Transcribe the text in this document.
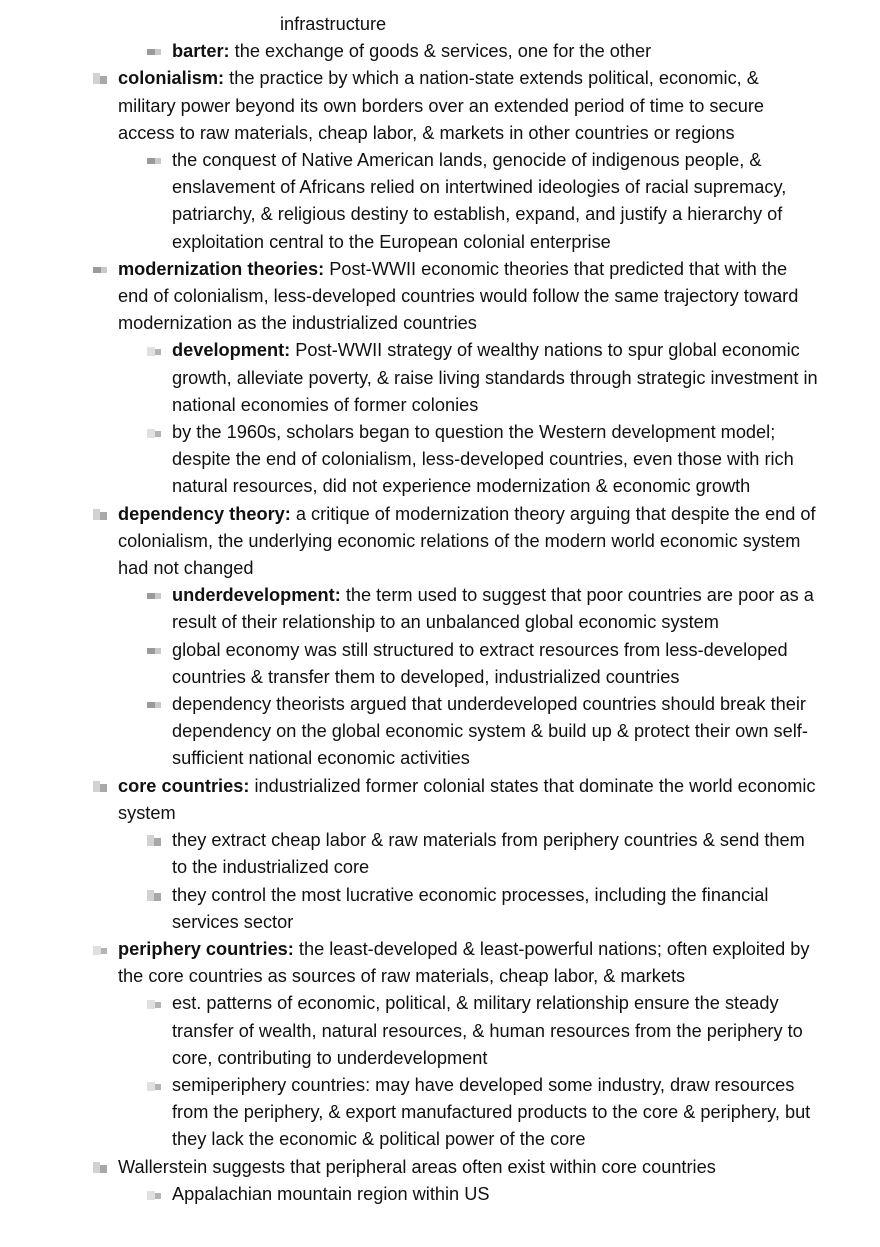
infrastructure
barter: the exchange of goods & services, one for the other
colonialism: the practice by which a nation-state extends political, economic, & military power beyond its own borders over an extended period of time to secure access to raw materials, cheap labor, & markets in other countries or regions
the conquest of Native American lands, genocide of indigenous people, & enslavement of Africans relied on intertwined ideologies of racial supremacy, patriarchy, & religious destiny to establish, expand, and justify a hierarchy of exploitation central to the European colonial enterprise
modernization theories: Post-WWII economic theories that predicted that with the end of colonialism, less-developed countries would follow the same trajectory toward modernization as the industrialized countries
development: Post-WWII strategy of wealthy nations to spur global economic growth, alleviate poverty, & raise living standards through strategic investment in national economies of former colonies
by the 1960s, scholars began to question the Western development model; despite the end of colonialism, less-developed countries, even those with rich natural resources, did not experience modernization & economic growth
dependency theory: a critique of modernization theory arguing that despite the end of colonialism, the underlying economic relations of the modern world economic system had not changed
underdevelopment: the term used to suggest that poor countries are poor as a result of their relationship to an unbalanced global economic system
global economy was still structured to extract resources from less-developed countries & transfer them to developed, industrialized countries
dependency theorists argued that underdeveloped countries should break their dependency on the global economic system & build up & protect their own self-sufficient national economic activities
core countries: industrialized former colonial states that dominate the world economic system
they extract cheap labor & raw materials from periphery countries & send them to the industrialized core
they control the most lucrative economic processes, including the financial services sector
periphery countries: the least-developed & least-powerful nations; often exploited by the core countries as sources of raw materials, cheap labor, & markets
est. patterns of economic, political, & military relationship ensure the steady transfer of wealth, natural resources, & human resources from the periphery to core, contributing to underdevelopment
semiperiphery countries: may have developed some industry, draw resources from the periphery, & export manufactured products to the core & periphery, but they lack the economic & political power of the core
Wallerstein suggests that peripheral areas often exist within core countries
Appalachian mountain region within US
